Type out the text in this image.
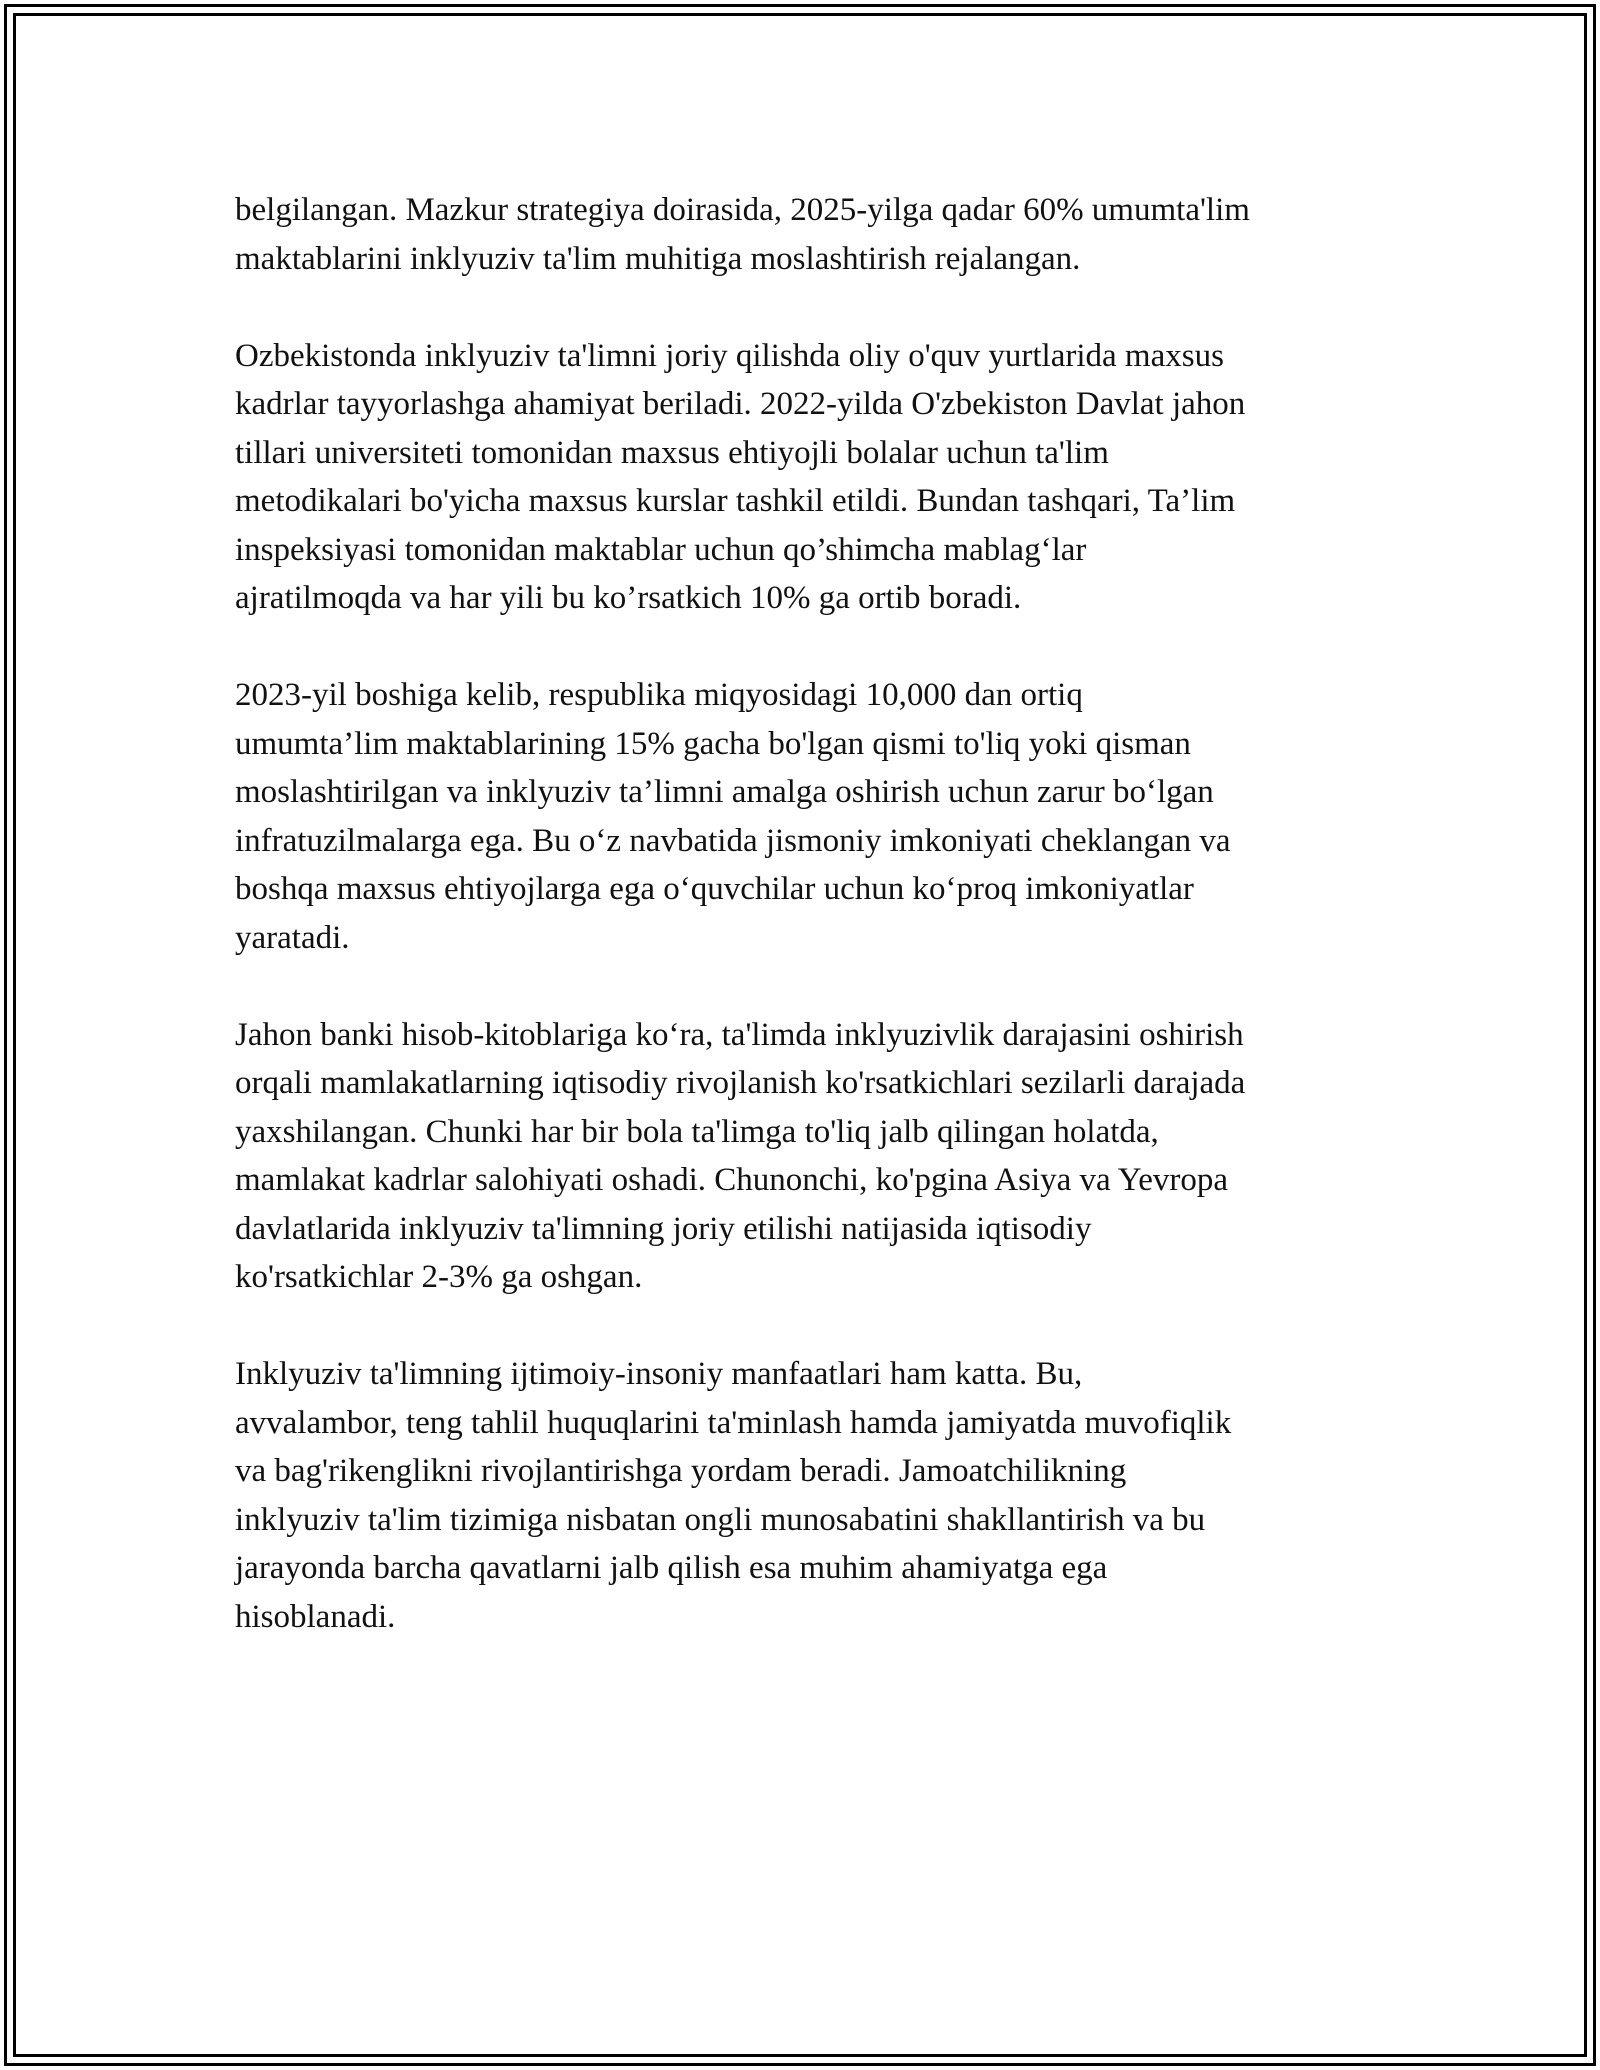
belgilangan. Mazkur strategiya doirasida, 2025-yilga qadar 60% umumta'lim
maktablarini inklyuziv ta'lim muhitiga moslashtirish rejalangan.

Ozbekistonda inklyuziv ta'limni joriy qilishda oliy o'quv yurtlarida maxsus
kadrlar tayyorlashga ahamiyat beriladi. 2022-yilda O'zbekiston Davlat jahon
tillari universiteti tomonidan maxsus ehtiyojli bolalar uchun ta'lim
metodikalari bo'yicha maxsus kurslar tashkil etildi. Bundan tashqari, Ta’lim
inspeksiyasi tomonidan maktablar uchun qo’shimcha mablag‘lar
ajratilmoqda va har yili bu ko’rsatkich 10% ga ortib boradi.

2023-yil boshiga kelib, respublika miqyosidagi 10,000 dan ortiq
umumta’lim maktablarining 15% gacha bo'lgan qismi to'liq yoki qisman
moslashtirilgan va inklyuziv ta’limni amalga oshirish uchun zarur bo‘lgan
infratuzilmalarga ega. Bu o‘z navbatida jismoniy imkoniyati cheklangan va
boshqa maxsus ehtiyojlarga ega o‘quvchilar uchun ko‘proq imkoniyatlar
yaratadi.

Jahon banki hisob-kitoblariga ko‘ra, ta'limda inklyuzivlik darajasini oshirish
orqali mamlakatlarning iqtisodiy rivojlanish ko'rsatkichlari sezilarli darajada
yaxshilangan. Chunki har bir bola ta'limga to'liq jalb qilingan holatda,
mamlakat kadrlar salohiyati oshadi. Chunonchi, ko'pgina Asiya va Yevropa
davlatlarida inklyuziv ta'limning joriy etilishi natijasida iqtisodiy
ko'rsatkichlar 2-3% ga oshgan.

Inklyuziv ta'limning ijtimoiy-insoniy manfaatlari ham katta. Bu,
avvalambor, teng tahlil huquqlarini ta'minlash hamda jamiyatda muvofiqlik
va bag'rikenglikni rivojlantirishga yordam beradi. Jamoatchilikning
inklyuziv ta'lim tizimiga nisbatan ongli munosabatini shakllantirish va bu
jarayonda barcha qavatlarni jalb qilish esa muhim ahamiyatga ega
hisoblanadi.
